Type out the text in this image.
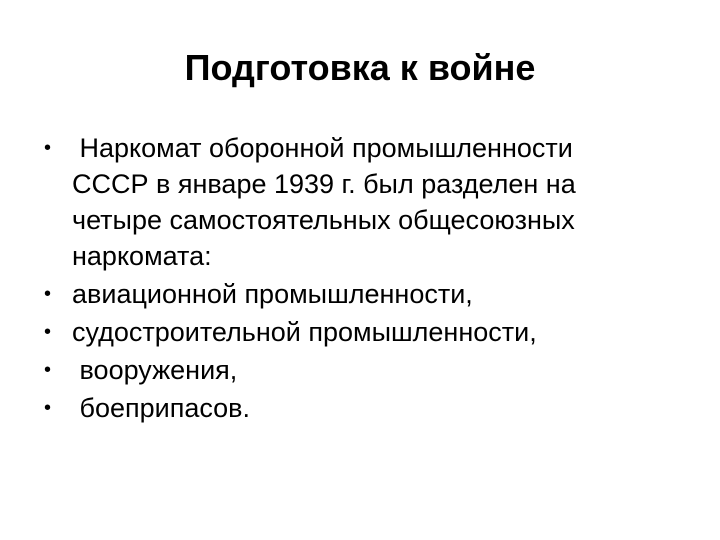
Подготовка к войне
•	Наркомат оборонной промышленности
СССР в январе 1939 г. был разделен на
четыре самостоятельных общесоюзных
наркомата:
• авиационной промышленности,
• судостроительной промышленности,
• вооружения,
• боеприпасов.
